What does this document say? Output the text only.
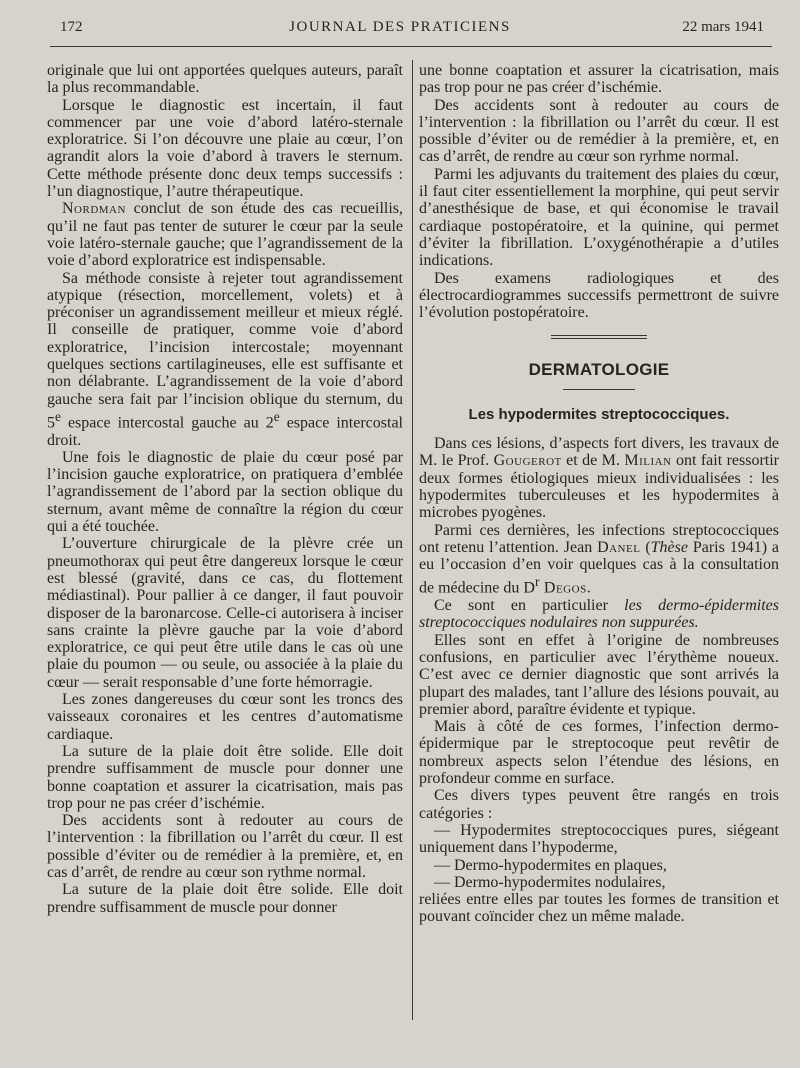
172	JOURNAL DES PRATICIENS	22 mars 1941

originale que lui ont apportées quelques auteurs, paraît la plus recommandable.

Lorsque le diagnostic est incertain, il faut commencer par une voie d’abord latéro-sternale exploratrice. Si l’on découvre une plaie au cœur, l’on agrandit alors la voie d’abord à travers le sternum. Cette méthode présente donc deux temps successifs : l’un diagnostique, l’autre thérapeutique.

Nordman conclut de son étude des cas recueillis, qu’il ne faut pas tenter de suturer le cœur par la seule voie latéro-sternale gauche; que l’agrandissement de la voie d’abord exploratrice est indispensable.

Sa méthode consiste à rejeter tout agrandissement atypique (résection, morcellement, volets) et à préconiser un agrandissement meilleur et mieux réglé. Il conseille de pratiquer, comme voie d’abord exploratrice, l’incision intercostale; moyennant quelques sections cartilagineuses, elle est suffisante et non délabrante. L’agrandissement de la voie d’abord gauche sera fait par l’incision oblique du sternum, du 5e espace intercostal gauche au 2e espace intercostal droit.

Une fois le diagnostic de plaie du cœur posé par l’incision gauche exploratrice, on pratiquera d’emblée l’agrandissement de l’abord par la section oblique du sternum, avant même de connaître la région du cœur qui a été touchée.

L’ouverture chirurgicale de la plèvre crée un pneumothorax qui peut être dangereux lorsque le cœur est blessé (gravité, dans ce cas, du flottement médiastinal). Pour pallier à ce danger, il faut pouvoir disposer de la baronarcose. Celle-ci autorisera à inciser sans crainte la plèvre gauche par la voie d’abord exploratrice, ce qui peut être utile dans le cas où une plaie du poumon — ou seule, ou associée à la plaie du cœur — serait responsable d’une forte hémorragie.

Les zones dangereuses du cœur sont les troncs des vaisseaux coronaires et les centres d’automatisme cardiaque.

La suture de la plaie doit être solide. Elle doit prendre suffisamment de muscle pour donner une bonne coaptation et assurer la cicatrisation, mais pas trop pour ne pas créer d’ischémie.

Des accidents sont à redouter au cours de l’intervention : la fibrillation ou l’arrêt du cœur. Il est possible d’éviter ou de remédier à la première, et, en cas d’arrêt, de rendre au cœur son rythme normal.

La suture de la plaie doit être solide. Elle doit prendre suffisamment de muscle pour donner

une bonne coaptation et assurer la cicatrisation, mais pas trop pour ne pas créer d’ischémie.

Des accidents sont à redouter au cours de l’intervention : la fibrillation ou l’arrêt du cœur. Il est possible d’éviter ou de remédier à la première, et, en cas d’arrêt, de rendre au cœur son ryrhme normal.

Parmi les adjuvants du traitement des plaies du cœur, il faut citer essentiellement la morphine, qui peut servir d’anesthésique de base, et qui économise le travail cardiaque postopératoire, et la quinine, qui permet d’éviter la fibrillation. L’oxygénothérapie a d’utiles indications.

Des examens radiologiques et des électrocardiogrammes successifs permettront de suivre l’évolution postopératoire.

DERMATOLOGIE
Les hypodermites streptococciques.

Dans ces lésions, d’aspects fort divers, les travaux de M. le Prof. Gougerot et de M. Milian ont fait ressortir deux formes étiologiques mieux individualisées : les hypodermites tuberculeuses et les hypodermites à microbes pyogènes.

Parmi ces dernières, les infections streptococciques ont retenu l’attention. Jean Danel (Thèse Paris 1941) a eu l’occasion d’en voir quelques cas à la consultation de médecine du $D^r$ Degos.

Ce sont en particulier les dermo-épidermites streptococciques nodulaires non suppurées.

Elles sont en effet à l’origine de nombreuses confusions, en particulier avec l’érythème noueux. C’est avec ce dernier diagnostic que sont arrivés la plupart des malades, tant l’allure des lésions pouvait, au premier abord, paraître évidente et typique.

Mais à côté de ces formes, l’infection dermo-épidermique par le streptocoque peut revêtir de nombreux aspects selon l’étendue des lésions, en profondeur comme en surface.

Ces divers types peuvent être rangés en trois catégories :

— Hypodermites streptococciques pures, siégeant uniquement dans l’hypoderme,

— Dermo-hypodermites en plaques,

— Dermo-hypodermites nodulaires,

reliées entre elles par toutes les formes de transition et pouvant coïncider chez un même malade.
